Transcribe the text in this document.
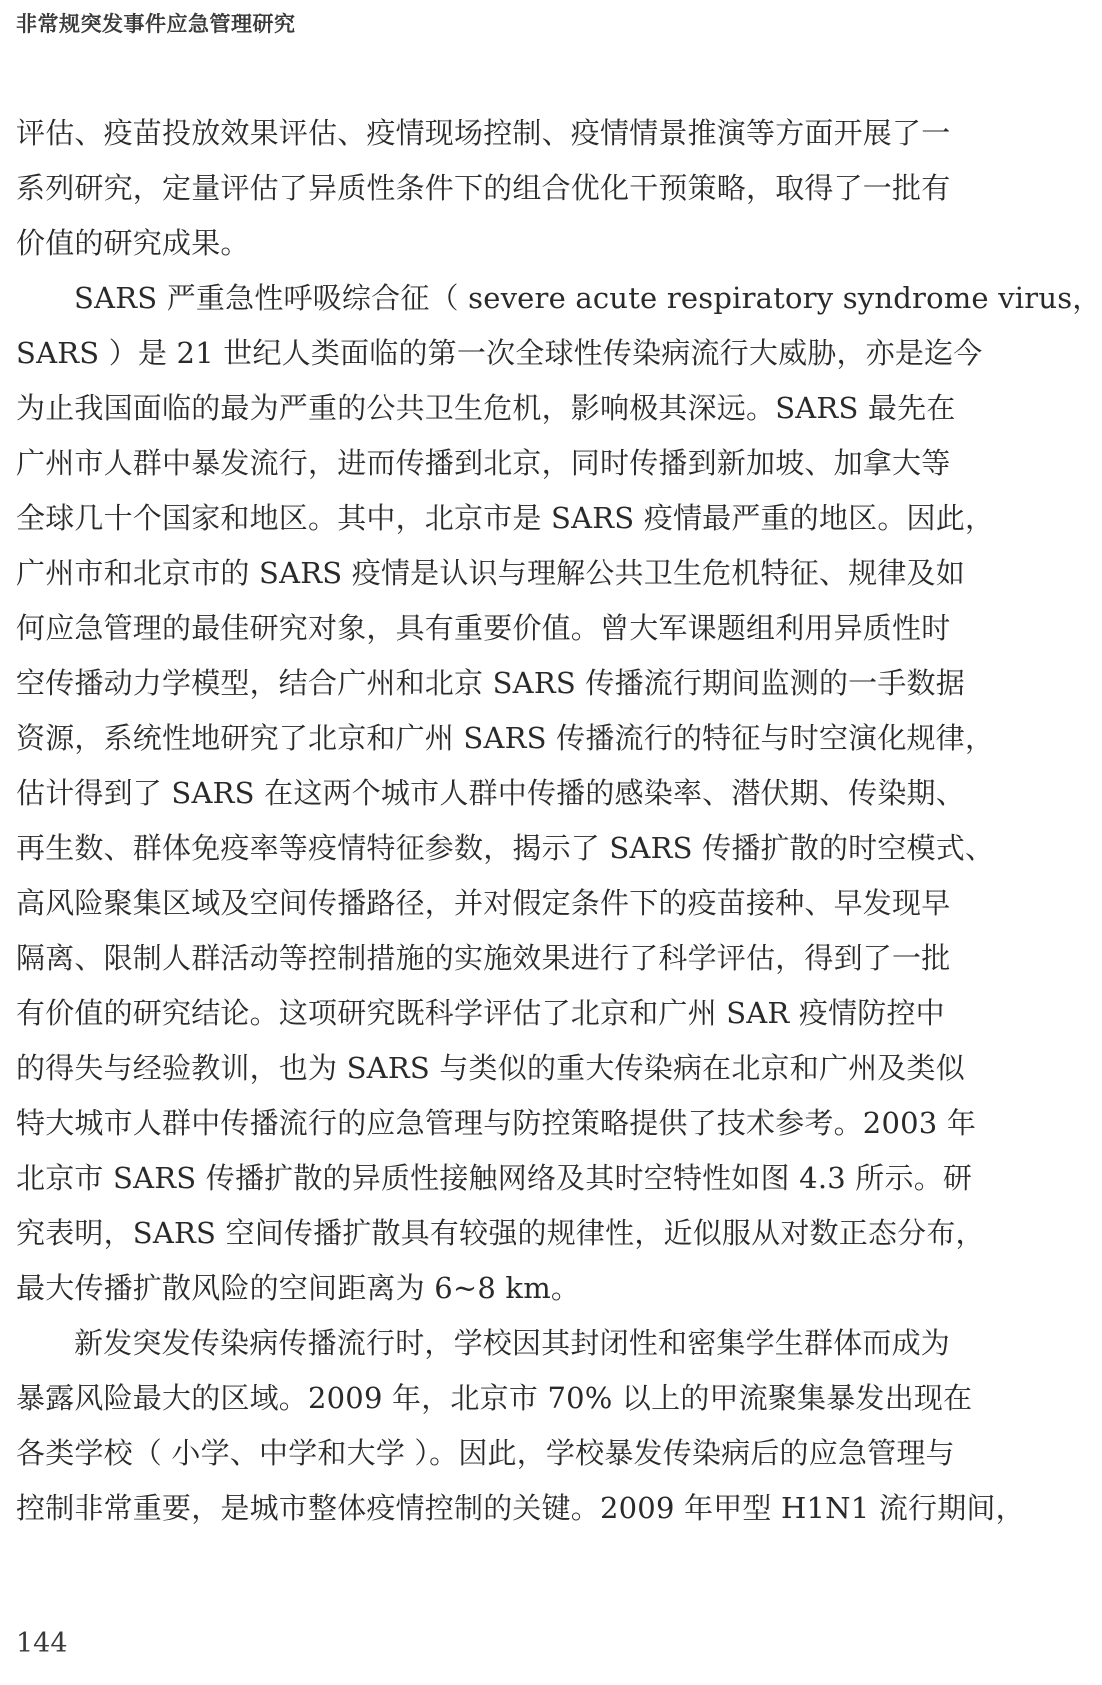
非常规突发事件应急管理研究
评估、疫苗投放效果评估、疫情现场控制、疫情情景推演等方面开展了一
系列研究，定量评估了异质性条件下的组合优化干预策略，取得了一批有
价值的研究成果。
SARS 严重急性呼吸综合征（ severe acute respiratory syndrome virus，
SARS ）是 21 世纪人类面临的第一次全球性传染病流行大威胁，亦是迄今
为止我国面临的最为严重的公共卫生危机，影响极其深远。SARS 最先在
广州市人群中暴发流行，进而传播到北京，同时传播到新加坡、加拿大等
全球几十个国家和地区。其中，北京市是 SARS 疫情最严重的地区。因此，
广州市和北京市的 SARS 疫情是认识与理解公共卫生危机特征、规律及如
何应急管理的最佳研究对象，具有重要价值。曾大军课题组利用异质性时
空传播动力学模型，结合广州和北京 SARS 传播流行期间监测的一手数据
资源，系统性地研究了北京和广州 SARS 传播流行的特征与时空演化规律，
估计得到了 SARS 在这两个城市人群中传播的感染率、潜伏期、传染期、
再生数、群体免疫率等疫情特征参数，揭示了 SARS 传播扩散的时空模式、
高风险聚集区域及空间传播路径，并对假定条件下的疫苗接种、早发现早
隔离、限制人群活动等控制措施的实施效果进行了科学评估，得到了一批
有价值的研究结论。这项研究既科学评估了北京和广州 SAR 疫情防控中
的得失与经验教训，也为 SARS 与类似的重大传染病在北京和广州及类似
特大城市人群中传播流行的应急管理与防控策略提供了技术参考。2003 年
北京市 SARS 传播扩散的异质性接触网络及其时空特性如图 4.3 所示。研
究表明，SARS 空间传播扩散具有较强的规律性，近似服从对数正态分布，
最大传播扩散风险的空间距离为 6~8 km。
新发突发传染病传播流行时，学校因其封闭性和密集学生群体而成为
暴露风险最大的区域。2009 年，北京市 70% 以上的甲流聚集暴发出现在
各类学校（ 小学、中学和大学 ）。因此，学校暴发传染病后的应急管理与
控制非常重要，是城市整体疫情控制的关键。2009 年甲型 H1N1 流行期间，
144
